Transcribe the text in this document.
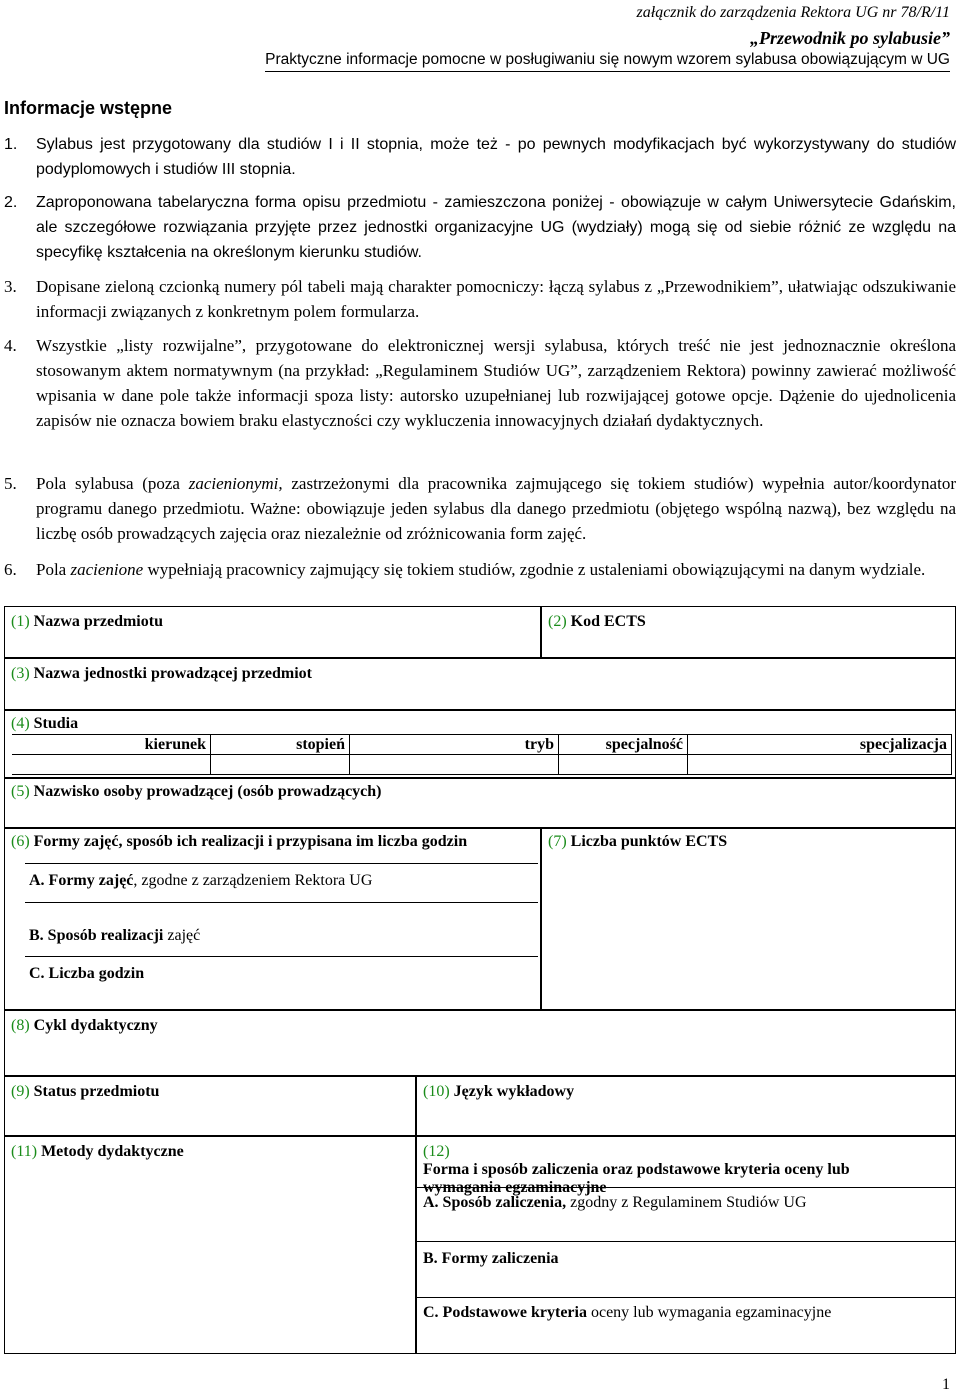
załącznik do zarządzenia Rektora UG nr 78/R/11
„Przewodnik po sylabusie”
Praktyczne informacje pomocne w posługiwaniu się nowym wzorem sylabusa obowiązującym w UG
Informacje wstępne
1.	Sylabus jest przygotowany dla studiów I i II stopnia, może też - po pewnych modyfikacjach być wykorzystywany do studiów podyplomowych i studiów III stopnia.
2.	Zaproponowana tabelaryczna forma opisu przedmiotu - zamieszczona poniżej - obowiązuje w całym Uniwersytecie Gdańskim, ale szczegółowe rozwiązania przyjęte przez jednostki organizacyjne UG (wydziały) mogą się od siebie różnić ze względu na specyfikę kształcenia na określonym kierunku studiów.
3.	Dopisane zieloną czcionką numery pól tabeli mają charakter pomocniczy: łączą sylabus z „Przewodnikiem”, ułatwiając odszukiwanie informacji związanych z konkretnym polem formularza.
4.	Wszystkie „listy rozwijalne”, przygotowane do elektronicznej wersji sylabusa, których treść nie jest jednoznacznie określona stosowanym aktem normatywnym (na przykład: „Regulaminem Studiów UG”, zarządzeniem Rektora) powinny zawierać możliwość wpisania w dane pole także informacji spoza listy: autorsko uzupełnianej lub rozwijającej gotowe opcje. Dążenie do ujednolicenia zapisów nie oznacza bowiem braku elastyczności czy wykluczenia innowacyjnych działań dydaktycznych.
5.	Pola sylabusa (poza zacienionymi, zastrzeżonymi dla pracownika zajmującego się tokiem studiów) wypełnia autor/koordynator programu danego przedmiotu. Ważne: obowiązuje jeden sylabus dla danego przedmiotu (objętego wspólną nazwą), bez względu na liczbę osób prowadzących zajęcia oraz niezależnie od zróżnicowania form zajęć.
6.	Pola zacienione wypełniają pracownicy zajmujący się tokiem studiów, zgodnie z ustaleniami obowiązującymi na danym wydziale.
(1) Nazwa przedmiotu	(2) Kod ECTS
(3) Nazwa jednostki prowadzącej przedmiot
(4) Studia
kierunek	stopień	tryb	specjalność	specjalizacja

(5) Nazwisko osoby prowadzącej (osób prowadzących)
(6) Formy zajęć, sposób ich realizacji i przypisana im liczba godzin
A. Formy zajęć, zgodne z zarządzeniem Rektora UG
B. Sposób realizacji zajęć
C. Liczba godzin
(7) Liczba punktów ECTS
(8) Cykl dydaktyczny
(9) Status przedmiotu	(10) Język wykładowy
(11) Metody dydaktyczne	(12) Forma i sposób zaliczenia oraz podstawowe kryteria oceny lub wymagania egzaminacyjne
A. Sposób zaliczenia, zgodny z Regulaminem Studiów UG
B. Formy zaliczenia
C. Podstawowe kryteria oceny lub wymagania egzaminacyjne
1
